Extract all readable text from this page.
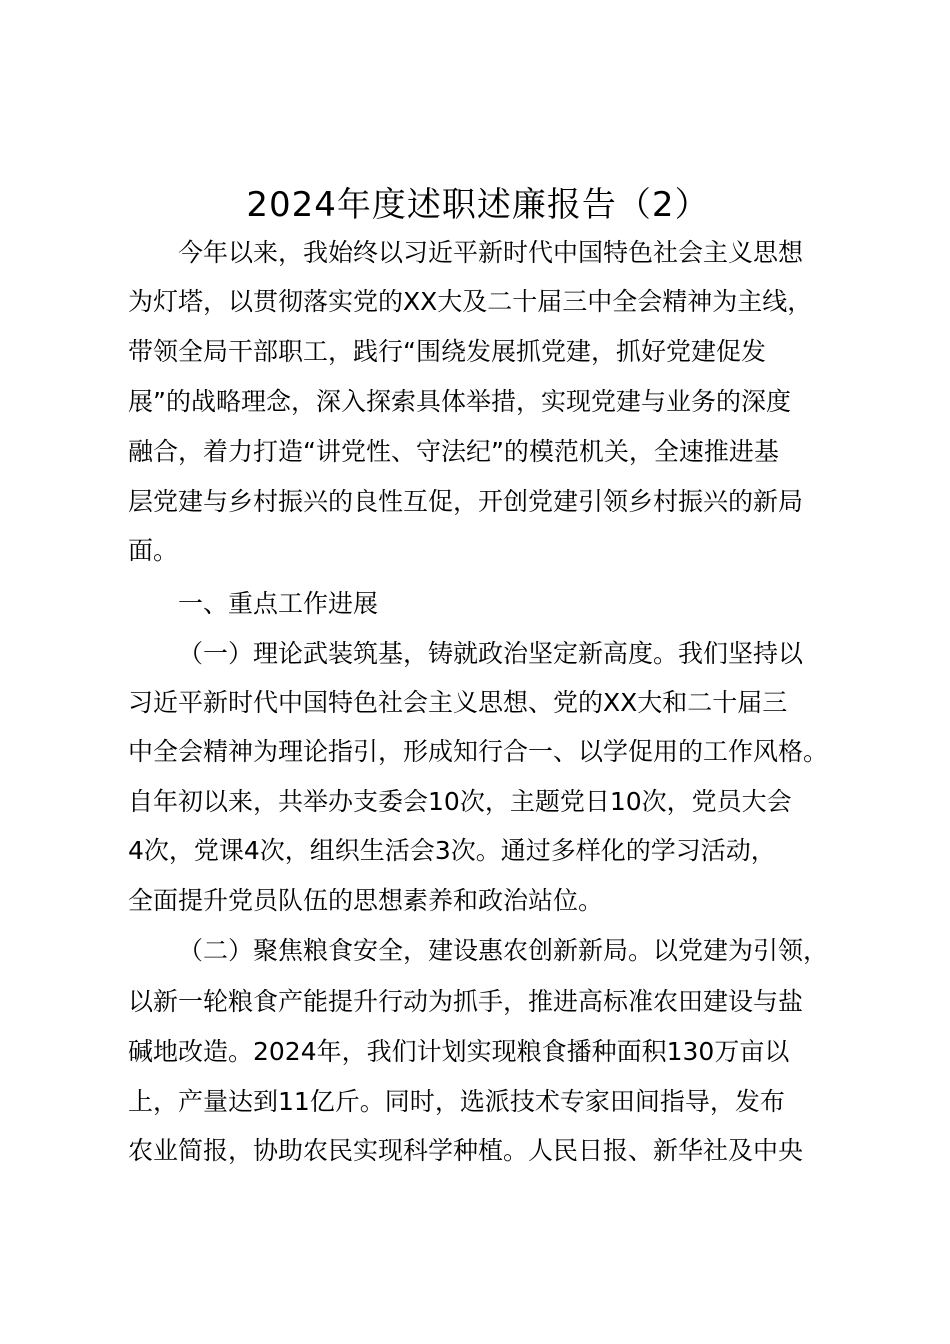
2024年度述职述廉报告（2）
今年以来，我始终以习近平新时代中国特色社会主义思想
为灯塔，以贯彻落实党的XX大及二十届三中全会精神为主线，
带领全局干部职工，践行“围绕发展抓党建，抓好党建促发
展”的战略理念，深入探索具体举措，实现党建与业务的深度
融合，着力打造“讲党性、守法纪”的模范机关，全速推进基
层党建与乡村振兴的良性互促，开创党建引领乡村振兴的新局
面。
一、重点工作进展
（一）理论武装筑基，铸就政治坚定新高度。我们坚持以
习近平新时代中国特色社会主义思想、党的XX大和二十届三
中全会精神为理论指引，形成知行合一、以学促用的工作风格。
自年初以来，共举办支委会10次，主题党日10次，党员大会
4次，党课4次，组织生活会3次。通过多样化的学习活动，
全面提升党员队伍的思想素养和政治站位。
（二）聚焦粮食安全，建设惠农创新新局。以党建为引领，
以新一轮粮食产能提升行动为抓手，推进高标准农田建设与盐
碱地改造。2024年，我们计划实现粮食播种面积130万亩以
上，产量达到11亿斤。同时，选派技术专家田间指导，发布
农业简报，协助农民实现科学种植。人民日报、新华社及中央
